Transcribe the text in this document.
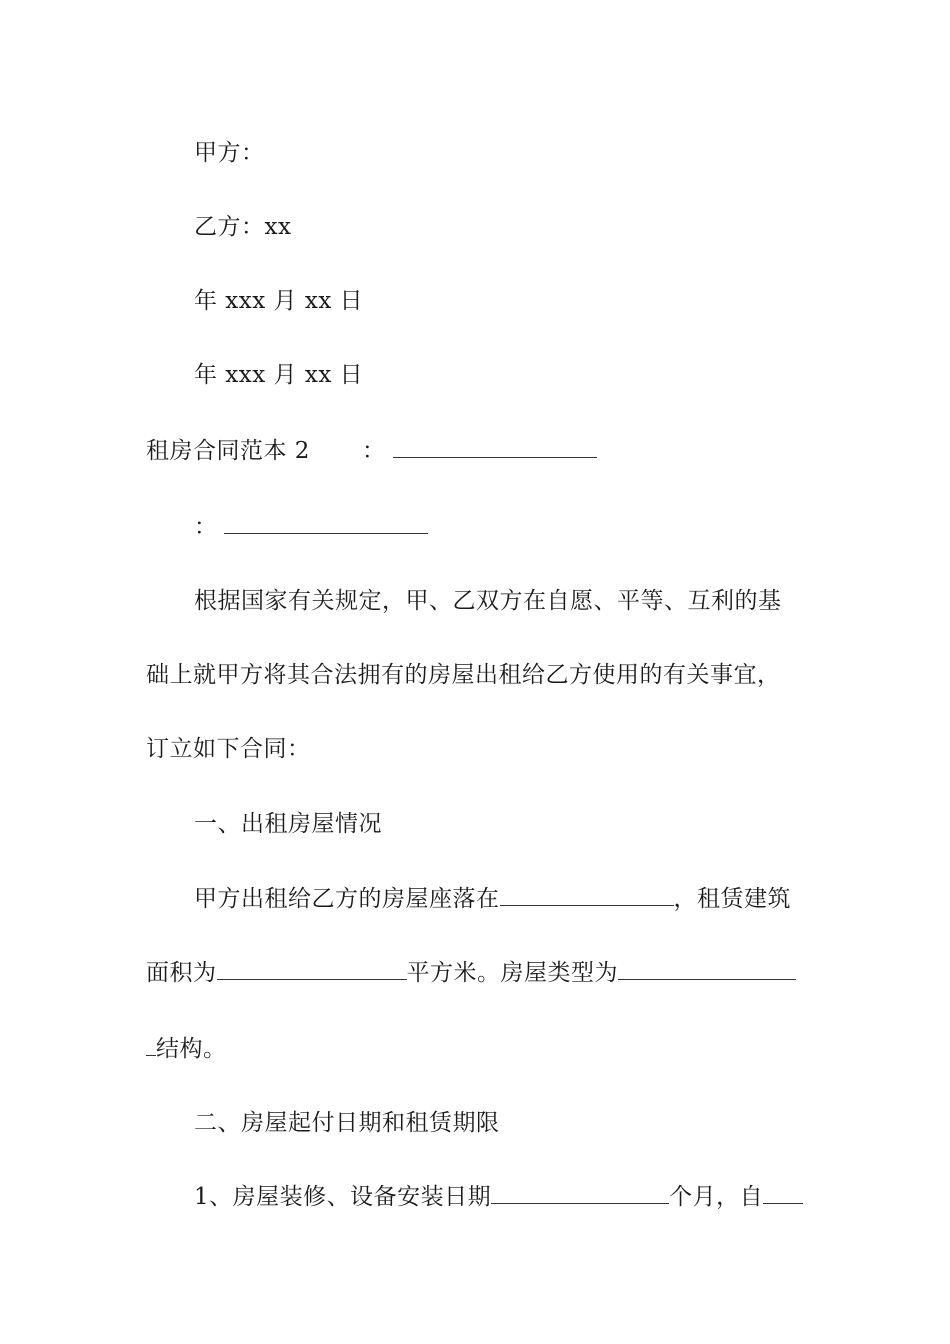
甲方：
乙方：xx
年 xxx 月 xx 日
年 xxx 月 xx 日
租房合同范本 2 ：
：
根据国家有关规定，甲、乙双方在自愿、平等、互利的基
础上就甲方将其合法拥有的房屋出租给乙方使用的有关事宜，
订立如下合同：
一、出租房屋情况
甲方出租给乙方的房屋座落在	，租赁建筑
面积为	平方米。房屋类型为
结构。
二、房屋起付日期和租赁期限
1、房屋装修、设备安装日期	个月，自
